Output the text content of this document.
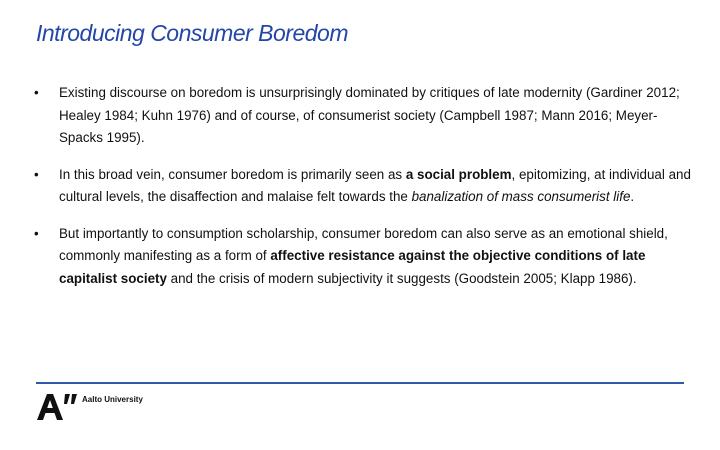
Introducing Consumer Boredom
• Existing discourse on boredom is unsurprisingly dominated by critiques of late modernity (Gardiner 2012; Healey 1984; Kuhn 1976) and of course, of consumerist society (Campbell 1987; Mann 2016; Meyer-Spacks 1995).
• In this broad vein, consumer boredom is primarily seen as a social problem, epitomizing, at individual and cultural levels, the disaffection and malaise felt towards the banalization of mass consumerist life.
• But importantly to consumption scholarship, consumer boredom can also serve as an emotional shield, commonly manifesting as a form of affective resistance against the objective conditions of late capitalist society and the crisis of modern subjectivity it suggests (Goodstein 2005; Klapp 1986).
Aalto University
